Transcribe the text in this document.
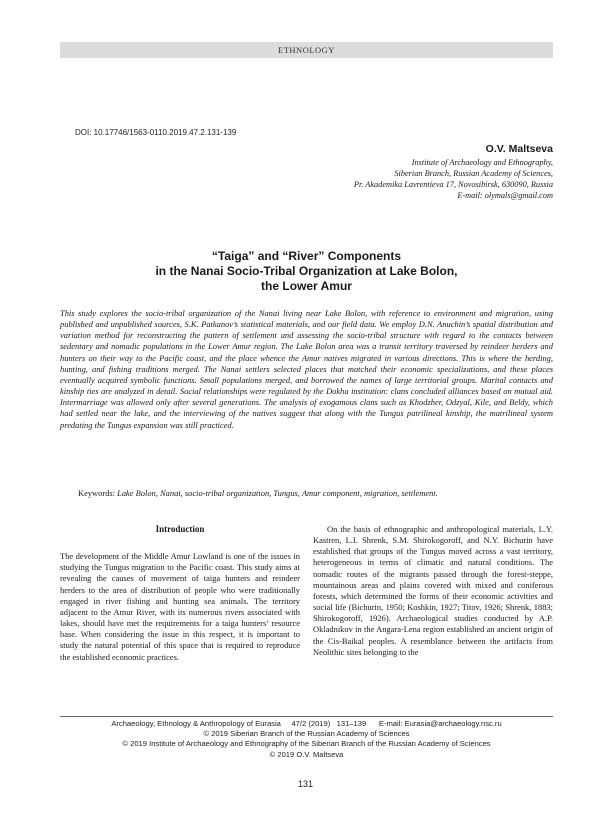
ETHNOLOGY
DOI: 10.17746/1563-0110.2019.47.2.131-139
O.V. Maltseva
Institute of Archaeology and Ethnography,
Siberian Branch, Russian Academy of Sciences,
Pr. Akademika Lavrentieva 17, Novosibirsk, 630090, Russia
E-mail: olymals@gmail.com
“Taiga” and “River” Components
in the Nanai Socio-Tribal Organization at Lake Bolon,
the Lower Amur
This study explores the socio-tribal organization of the Nanai living near Lake Bolon, with reference to environment and migration, using published and unpublished sources, S.K. Patkanov’s statistical materials, and our field data. We employ D.N. Anuchin’s spatial distribution and variation method for reconstructing the pattern of settlement and assessing the socio-tribal structure with regard to the contacts between sedentary and nomadic populations in the Lower Amur region. The Lake Bolon area was a transit territory traversed by reindeer herders and hunters on their way to the Pacific coast, and the place whence the Amur natives migrated in various directions. This is where the herding, hunting, and fishing traditions merged. The Nanai settlers selected places that matched their economic specializations, and these places eventually acquired symbolic functions. Small populations merged, and borrowed the names of large territorial groups. Marital contacts and kinship ties are analyzed in detail. Social relationships were regulated by the Dokha institution: clans concluded alliances based on mutual aid. Intermarriage was allowed only after several generations. The analysis of exogamous clans such as Khodzher, Odzyal, Kile, and Beldy, which had settled near the lake, and the interviewing of the natives suggest that along with the Tungus patrilineal kinship, the matrilineal system predating the Tungus expansion was still practiced.
Keywords: Lake Bolon, Nanai, socio-tribal organization, Tungus, Amur component, migration, settlement.
Introduction

The development of the Middle Amur Lowland is one of the issues in studying the Tungus migration to the Pacific coast. This study aims at revealing the causes of movement of taiga hunters and reindeer herders to the area of distribution of people who were traditionally engaged in river fishing and hunting sea animals. The territory adjacent to the Amur River, with its numerous rivers associated with lakes, should have met the requirements for a taiga hunters’ resource base. When considering the issue in this respect, it is important to study the natural potential of this space that is required to reproduce the established economic practices.

On the basis of ethnographic and anthropological materials, L.Y. Kastren, L.I. Shrenk, S.M. Shirokogoroff, and N.Y. Bichurin have established that groups of the Tungus moved across a vast territory, heterogeneous in terms of climatic and natural conditions. The nomadic routes of the migrants passed through the forest-steppe, mountainous areas and plains covered with mixed and coniferous forests, which determined the forms of their economic activities and social life (Bichurin, 1950; Koshkin, 1927; Titov, 1926; Shrenk, 1883; Shirokogoroff, 1926). Archaeological studies conducted by A.P. Okladnikov in the Angara-Lena region established an ancient origin of the Cis-Baikal peoples. A resemblance between the artifacts from Neolithic sites belonging to the

Archaeology, Ethnology & Anthropology of Eurasia 47/2 (2019) 131–139 E-mail: Eurasia@archaeology.nsc.ru
© 2019 Siberian Branch of the Russian Academy of Sciences
© 2019 Institute of Archaeology and Ethnography of the Siberian Branch of the Russian Academy of Sciences
© 2019 O.V. Maltseva
131
